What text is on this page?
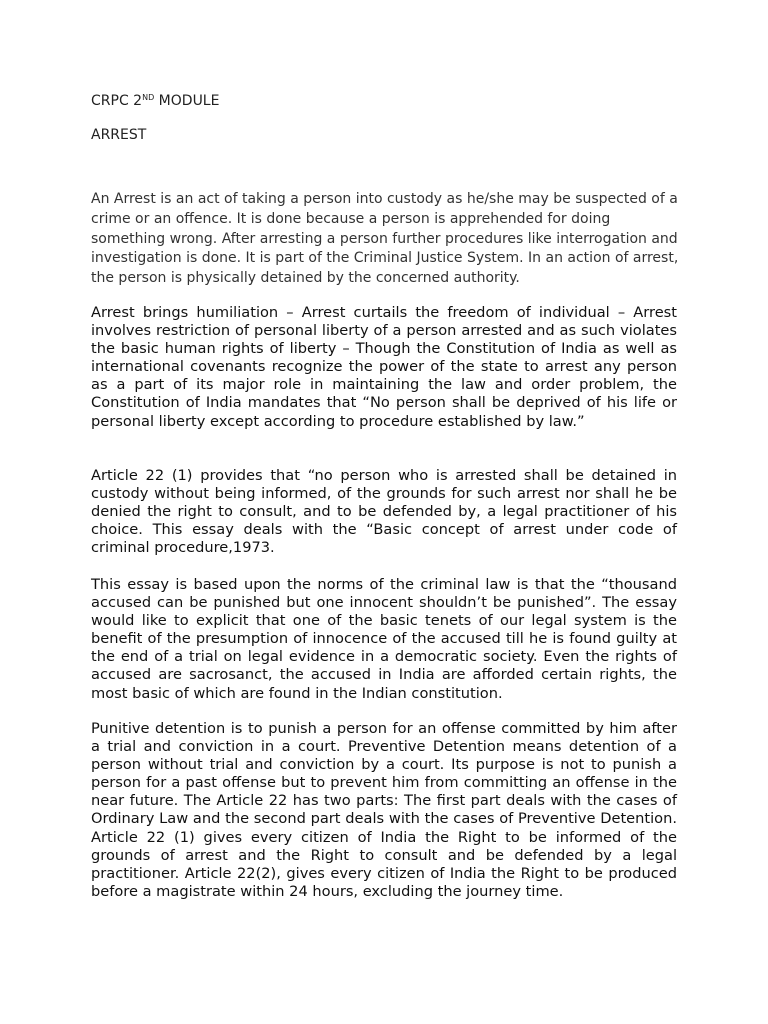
CRPC 2ND MODULE
ARREST

An Arrest is an act of taking a person into custody as he/she may be suspected of a crime or an offence. It is done because a person is apprehended for doing something wrong. After arresting a person further procedures like interrogation and investigation is done. It is part of the Criminal Justice System. In an action of arrest, the person is physically detained by the concerned authority.

Arrest brings humiliation – Arrest curtails the freedom of individual – Arrest involves restriction of personal liberty of a person arrested and as such violates the basic human rights of liberty – Though the Constitution of India as well as international covenants recognize the power of the state to arrest any person as a part of its major role in maintaining the law and order problem, the Constitution of India mandates that “No person shall be deprived of his life or personal liberty except according to procedure established by law.”

Article 22 (1) provides that “no person who is arrested shall be detained in custody without being informed, of the grounds for such arrest nor shall he be denied the right to consult, and to be defended by, a legal practitioner of his choice. This essay deals with the “Basic concept of arrest under code of criminal procedure,1973.

This essay is based upon the norms of the criminal law is that the “thousand accused can be punished but one innocent shouldn’t be punished”. The essay would like to explicit that one of the basic tenets of our legal system is the benefit of the presumption of innocence of the accused till he is found guilty at the end of a trial on legal evidence in a democratic society. Even the rights of accused are sacrosanct, the accused in India are afforded certain rights, the most basic of which are found in the Indian constitution.

Punitive detention is to punish a person for an offense committed by him after a trial and conviction in a court. Preventive Detention means detention of a person without trial and conviction by a court. Its purpose is not to punish a person for a past offense but to prevent him from committing an offense in the near future. The Article 22 has two parts: The first part deals with the cases of Ordinary Law and the second part deals with the cases of Preventive Detention. Article 22 (1) gives every citizen of India the Right to be informed of the grounds of arrest and the Right to consult and be defended by a legal practitioner. Article 22(2), gives every citizen of India the Right to be produced before a magistrate within 24 hours, excluding the journey time.
